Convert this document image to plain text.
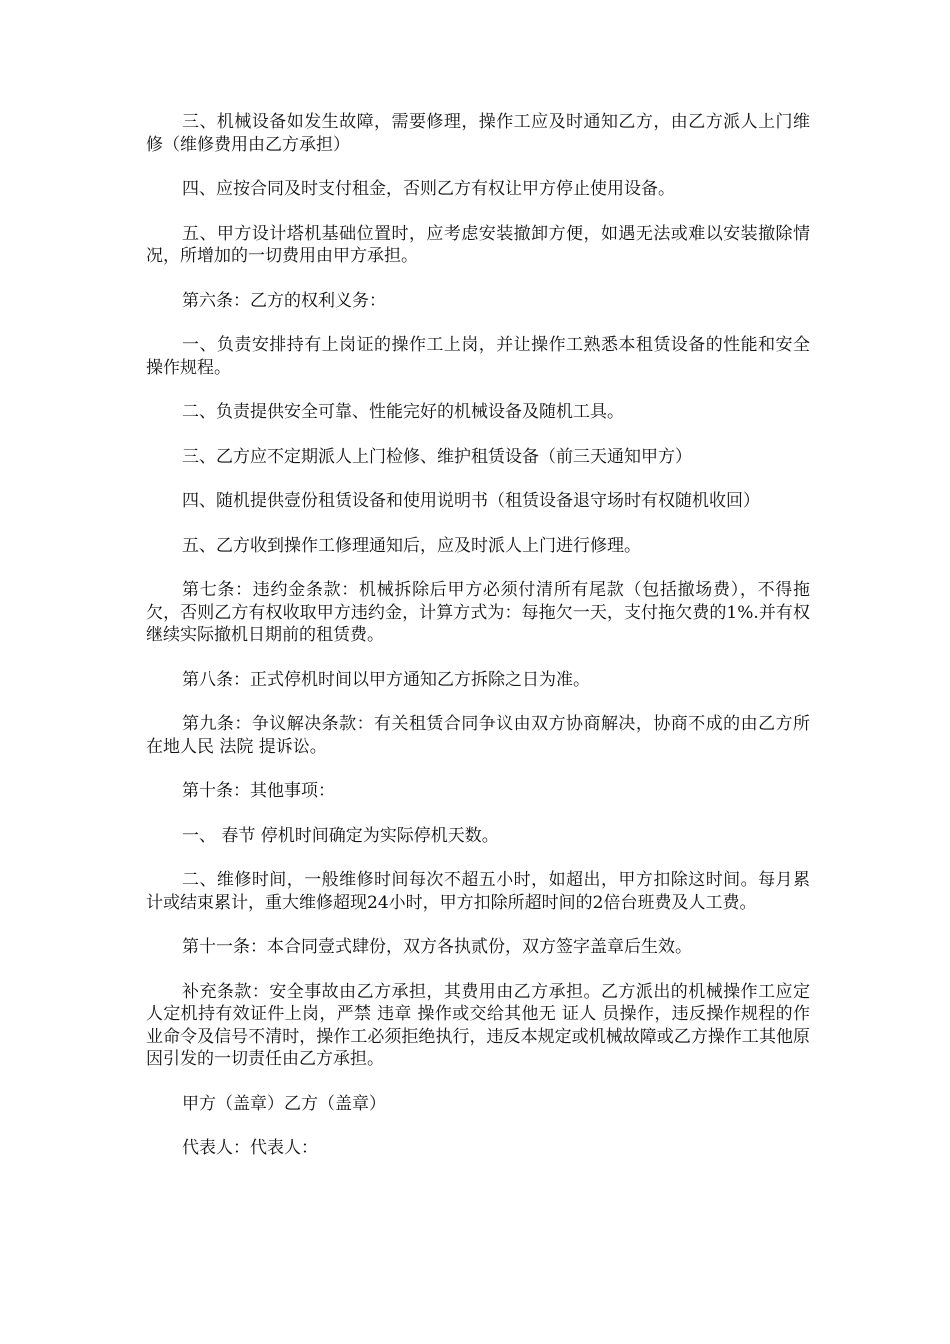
三、机械设备如发生故障，需要修理，操作工应及时通知乙方，由乙方派人上门维修（维修费用由乙方承担）

四、应按合同及时支付租金，否则乙方有权让甲方停止使用设备。

五、甲方设计塔机基础位置时，应考虑安装撤卸方便，如遇无法或难以安装撤除情况，所增加的一切费用由甲方承担。

第六条：乙方的权利义务：

一、负责安排持有上岗证的操作工上岗，并让操作工熟悉本租赁设备的性能和安全操作规程。

二、负责提供安全可靠、性能完好的机械设备及随机工具。

三、乙方应不定期派人上门检修、维护租赁设备（前三天通知甲方）

四、随机提供壹份租赁设备和使用说明书（租赁设备退守场时有权随机收回）

五、乙方收到操作工修理通知后，应及时派人上门进行修理。

第七条：违约金条款：机械拆除后甲方必须付清所有尾款（包括撤场费），不得拖欠，否则乙方有权收取甲方违约金，计算方式为：每拖欠一天，支付拖欠费的1%.并有权继续实际撤机日期前的租赁费。

第八条：正式停机时间以甲方通知乙方拆除之日为准。

第九条：争议解决条款：有关租赁合同争议由双方协商解决，协商不成的由乙方所在地人民 法院 提诉讼。

第十条：其他事项：

一、 春节 停机时间确定为实际停机天数。

二、维修时间，一般维修时间每次不超五小时，如超出，甲方扣除这时间。每月累计或结束累计，重大维修超现24小时，甲方扣除所超时间的2倍台班费及人工费。

第十一条：本合同壹式肆份，双方各执贰份，双方签字盖章后生效。

补充条款：安全事故由乙方承担，其费用由乙方承担。乙方派出的机械操作工应定人定机持有效证件上岗，严禁 违章 操作或交给其他无 证人 员操作，违反操作规程的作业命令及信号不清时，操作工必须拒绝执行，违反本规定或机械故障或乙方操作工其他原因引发的一切责任由乙方承担。

甲方（盖章）乙方（盖章）

代表人：代表人：
